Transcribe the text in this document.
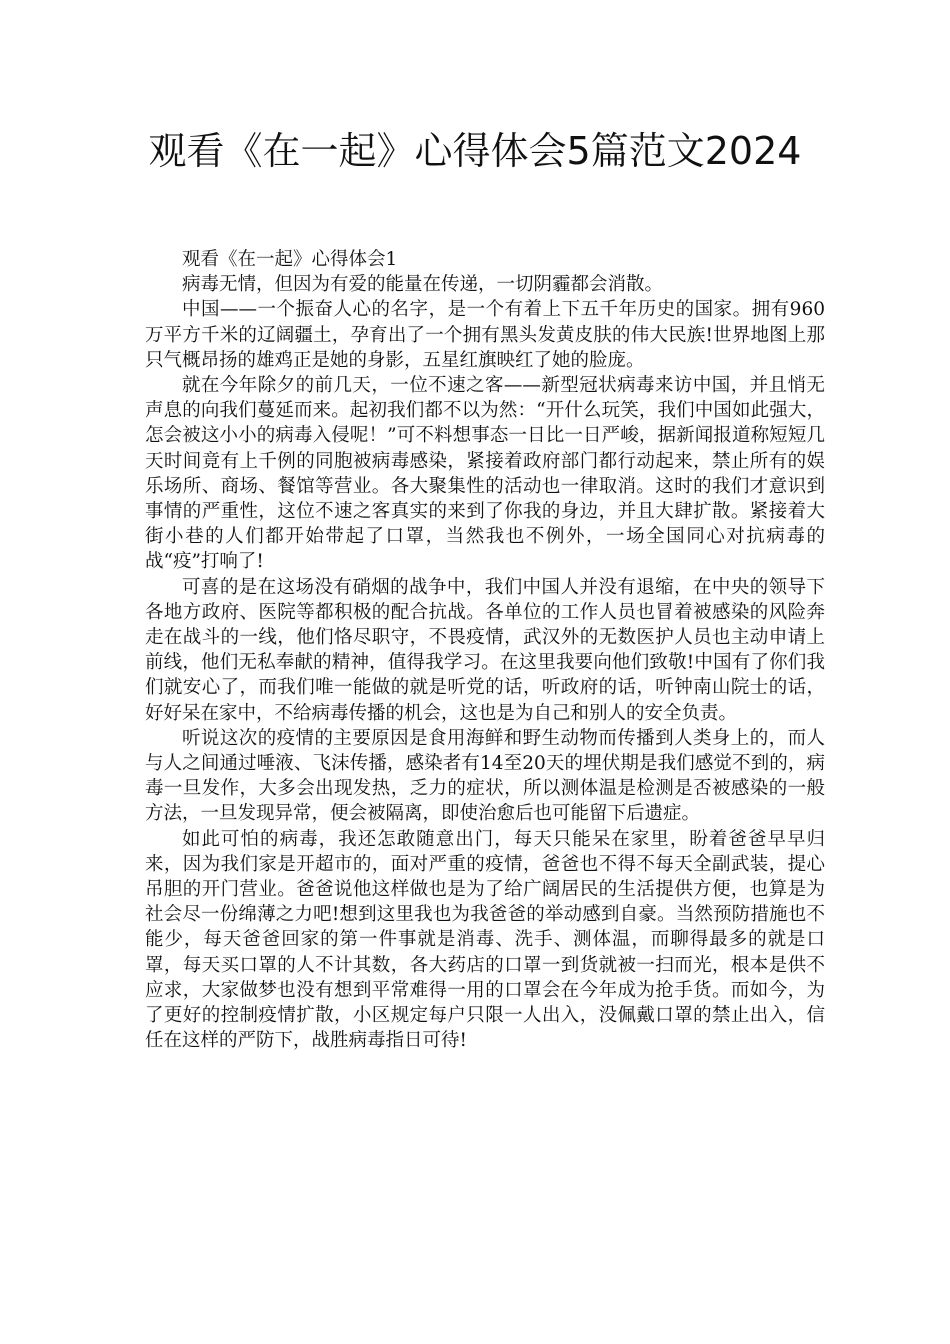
观看《在一起》心得体会5篇范文2024

观看《在一起》心得体会1

病毒无情，但因为有爱的能量在传递，一切阴霾都会消散。

中国——一个振奋人心的名字，是一个有着上下五千年历史的国家。拥有960万平方千米的辽阔疆土，孕育出了一个拥有黑头发黄皮肤的伟大民族!世界地图上那只气概昂扬的雄鸡正是她的身影，五星红旗映红了她的脸庞。

就在今年除夕的前几天，一位不速之客——新型冠状病毒来访中国，并且悄无声息的向我们蔓延而来。起初我们都不以为然：“开什么玩笑，我们中国如此强大，怎会被这小小的病毒入侵呢！”可不料想事态一日比一日严峻，据新闻报道称短短几天时间竟有上千例的同胞被病毒感染，紧接着政府部门都行动起来，禁止所有的娱乐场所、商场、餐馆等营业。各大聚集性的活动也一律取消。这时的我们才意识到事情的严重性，这位不速之客真实的来到了你我的身边，并且大肆扩散。紧接着大街小巷的人们都开始带起了口罩，当然我也不例外，一场全国同心对抗病毒的战“疫”打响了!

可喜的是在这场没有硝烟的战争中，我们中国人并没有退缩，在中央的领导下各地方政府、医院等都积极的配合抗战。各单位的工作人员也冒着被感染的风险奔走在战斗的一线，他们恪尽职守，不畏疫情，武汉外的无数医护人员也主动申请上前线，他们无私奉献的精神，值得我学习。在这里我要向他们致敬!中国有了你们我们就安心了，而我们唯一能做的就是听党的话，听政府的话，听钟南山院士的话，好好呆在家中，不给病毒传播的机会，这也是为自己和别人的安全负责。

听说这次的疫情的主要原因是食用海鲜和野生动物而传播到人类身上的，而人与人之间通过唾液、飞沫传播，感染者有14至20天的埋伏期是我们感觉不到的，病毒一旦发作，大多会出现发热，乏力的症状，所以测体温是检测是否被感染的一般方法，一旦发现异常，便会被隔离，即使治愈后也可能留下后遗症。

如此可怕的病毒，我还怎敢随意出门，每天只能呆在家里，盼着爸爸早早归来，因为我们家是开超市的，面对严重的疫情，爸爸也不得不每天全副武装，提心吊胆的开门营业。爸爸说他这样做也是为了给广阔居民的生活提供方便，也算是为社会尽一份绵薄之力吧!想到这里我也为我爸爸的举动感到自豪。当然预防措施也不能少，每天爸爸回家的第一件事就是消毒、洗手、测体温，而聊得最多的就是口罩，每天买口罩的人不计其数，各大药店的口罩一到货就被一扫而光，根本是供不应求，大家做梦也没有想到平常难得一用的口罩会在今年成为抢手货。而如今，为了更好的控制疫情扩散，小区规定每户只限一人出入，没佩戴口罩的禁止出入，信任在这样的严防下，战胜病毒指日可待!
